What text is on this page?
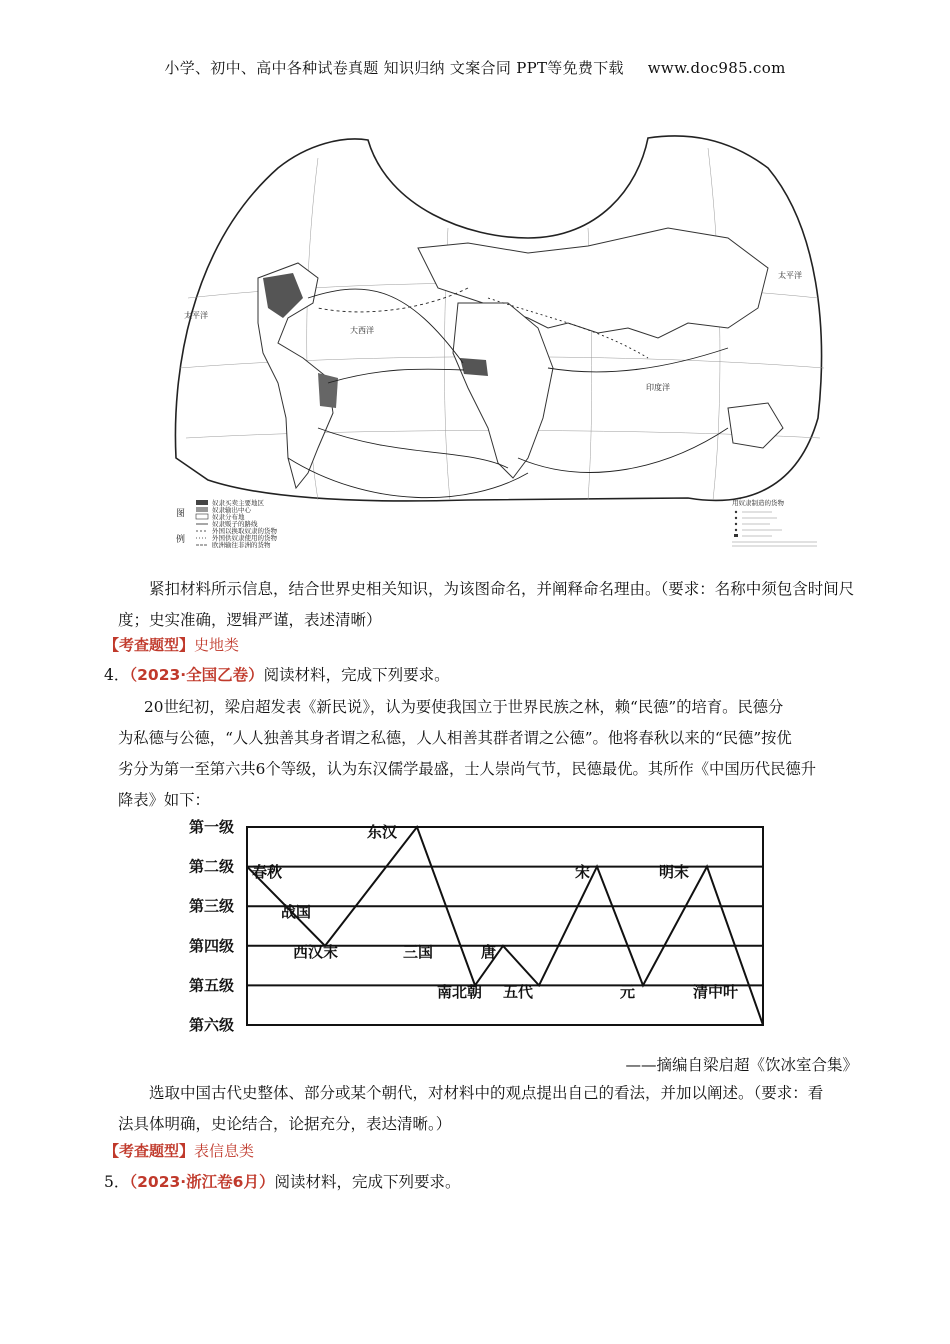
小学、初中、高中各种试卷真题 知识归纳 文案合同 PPT等免费下载 www.doc985.com
大西洋
太平洋
太平洋
印度洋
图
例
奴隶买卖主要地区
奴隶输出中心
奴隶分布地
奴隶贩子的路线
外国以换取奴隶的货物
外国供奴隶使用的货物
欧洲输往非洲的货物
用奴隶制造的货物
紧扣材料所示信息，结合世界史相关知识，为该图命名，并阐释命名理由。（要求：名称中须包含时间尺度；史实准确，逻辑严谨，表述清晰）
【考查题型】史地类
4．（2023·全国乙卷）阅读材料，完成下列要求。
20世纪初，梁启超发表《新民说》，认为要使我国立于世界民族之林，赖“民德”的培育。民德分
为私德与公德，“人人独善其身者谓之私德，人人相善其群者谓之公德”。他将春秋以来的“民德”按优
劣分为第一至第六共6个等级，认为东汉儒学最盛，士人崇尚气节，民德最优。其所作《中国历代民德升
降表》如下：
第一级
第二级
第三级
第四级
第五级
第六级
春秋
战国
西汉末	三国
东汉
南北朝
唐
五代
宋
元
明末
清中叶
——摘编自梁启超《饮冰室合集》
选取中国古代史整体、部分或某个朝代，对材料中的观点提出自己的看法，并加以阐述。（要求：看
法具体明确，史论结合，论据充分，表达清晰。）
【考查题型】表信息类
5．（2023·浙江卷6月）阅读材料，完成下列要求。
